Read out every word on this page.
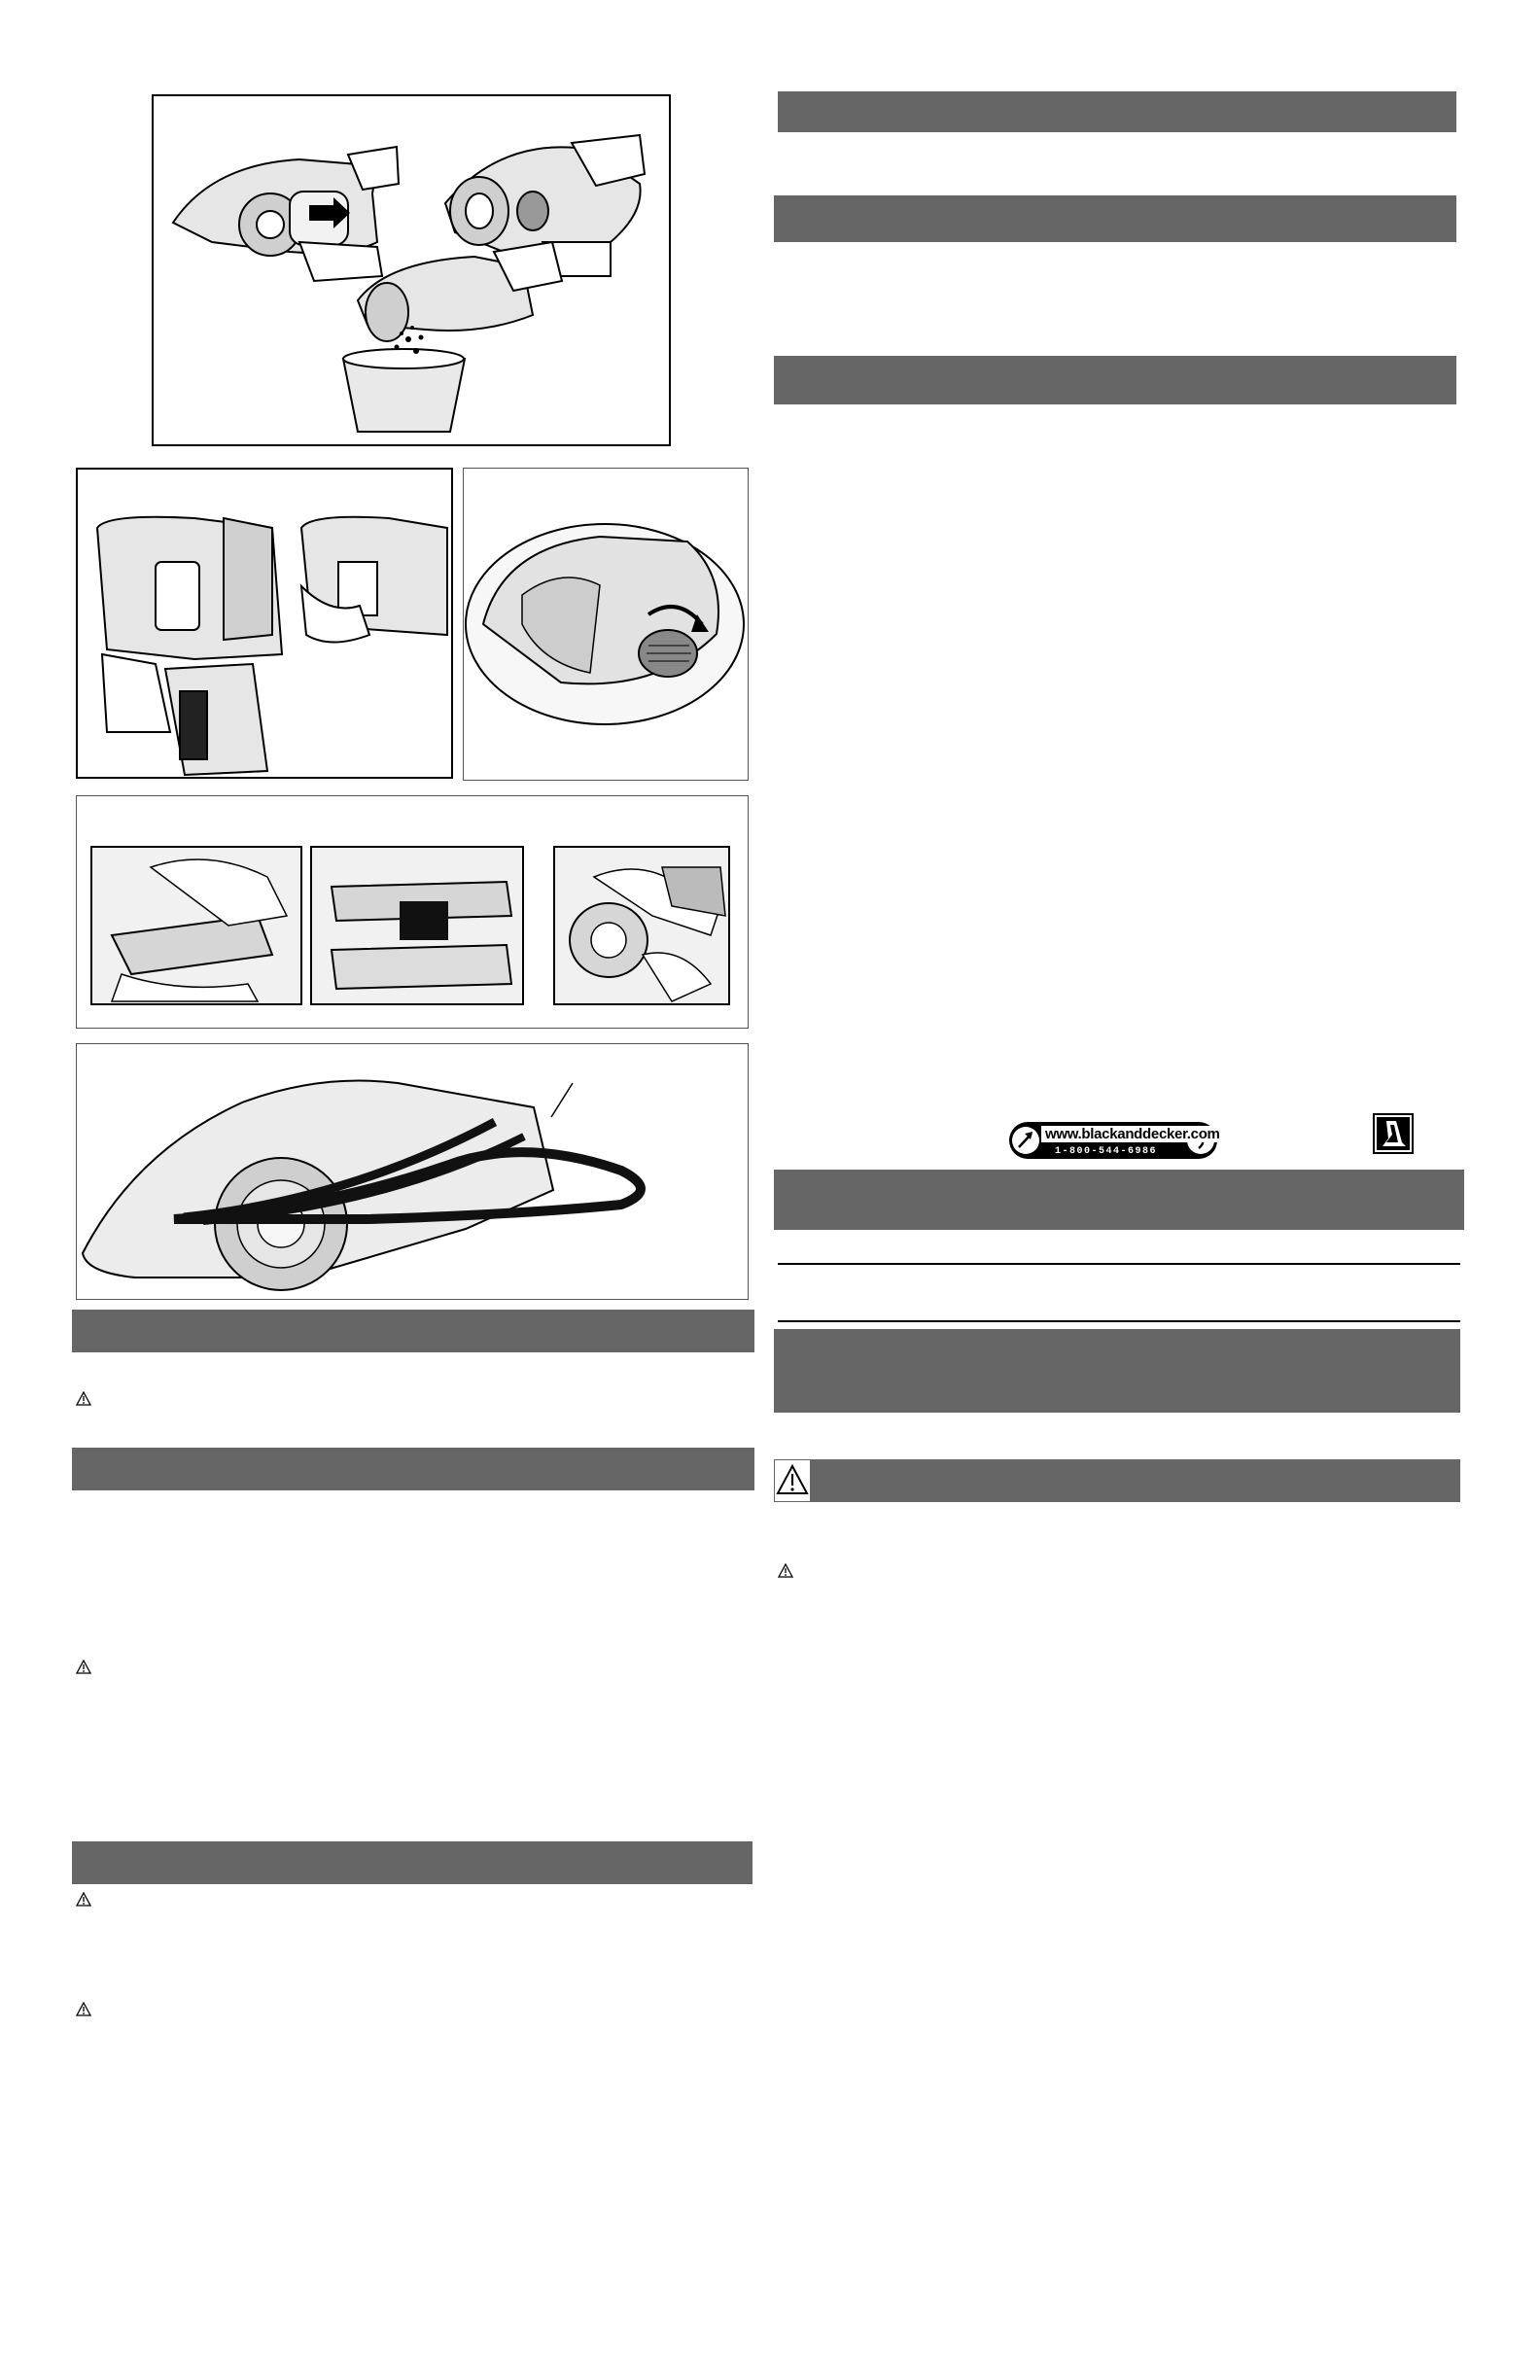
www.blackanddecker.com
1-800-544-6986
